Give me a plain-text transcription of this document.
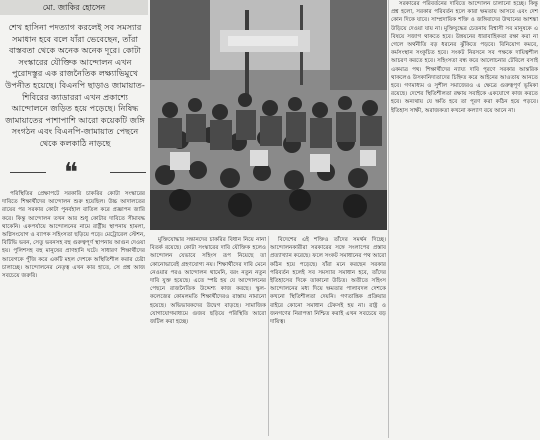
মো. জাকির হোসেন
শেখ হাসিনা পদত্যাগ করলেই সব সমস্যার সমাধান হবে বলে যাঁরা ভেবেছেন, তাঁরা বাস্তবতা থেকে অনেক অনেক দূরে। কোটা সংস্কারের যৌক্তিক আন্দোলন এখন পুরোদস্তুর এক রাজনৈতিক লক্ষ্যাভিমুখে উপনীত হয়েছে। বিএনপি ছাড়াও জামায়াত-শিবিরের ক্যাডাররা এখন প্রকাশ্যে আন্দোলনে জড়িত হয়ে পড়েছে। নিষিদ্ধ জামায়াতের পাশাপাশি আরো কয়েকটি জঙ্গি সংগঠন এবং বিএনপি-জামায়াত পেছনে থেকে কলকাঠি নাড়ছে
❝

পরিস্থিতির প্রেক্ষাপটে সরকারি চাকরির কোটা সংস্কারের দাবিতে শিক্ষার্থীদের আন্দোলন শুরু হয়েছিল। উচ্চ আদালতের রায়ের পর সরকার কোটা পুনর্বহাল বাতিল করে প্রজ্ঞাপন জারি করে। কিন্তু আন্দোলন তখন আর শুধু কোটার দাবিতে সীমাবদ্ধ থাকেনি। একপর্যায়ে আন্দোলনের নামে রাষ্ট্রীয় স্থাপনায় হামলা, অগ্নিসংযোগ ও ব্যাপক সহিংসতা ছড়িয়ে পড়ে। মেট্রোরেল স্টেশন, বিটিভি ভবন, সেতু ভবনসহ বহু গুরুত্বপূর্ণ স্থাপনায় আগুন দেওয়া হয়। পুলিশসহ বহু মানুষের প্রাণহানি ঘটে। সাধারণ শিক্ষার্থীদের আবেগকে পুঁজি করে একটি মহল দেশকে অস্থিতিশীল করার চেষ্টা চালাচ্ছে। আন্দোলনের নেতৃত্ব এখন কার হাতে, সে প্রশ্ন আজ সবচেয়ে জরুরি।

মুক্তিযোদ্ধার সন্তানদের চাকরির বিধান নিয়ে নানা বিতর্ক রয়েছে। কোটা সংস্কারের দাবি যৌক্তিক হলেও আন্দোলন যেভাবে সহিংস রূপ নিয়েছে তা কোনোভাবেই গ্রহণযোগ্য নয়। শিক্ষার্থীদের দাবি মেনে নেওয়ার পরও আন্দোলন থামেনি, বরং নতুন নতুন দাবি যুক্ত হয়েছে। এতে স্পষ্ট হয় যে আন্দোলনের পেছনে রাজনৈতিক উদ্দেশ্য কাজ করছে। স্কুল-কলেজের কোমলমতি শিক্ষার্থীদেরও রাস্তায় নামানো হয়েছে। অভিভাবকদের উদ্বেগ বাড়ছে। সামাজিক যোগাযোগমাধ্যমে গুজব ছড়িয়ে পরিস্থিতি আরো জটিল করা হচ্ছে।

বিদেশের এই শক্তিও তাঁদের সমর্থন দিচ্ছে। আন্দোলনকারীরা সরকারের সঙ্গে সংলাপের প্রস্তাব প্রত্যাখ্যান করেছে। ফলে সংকট সমাধানের পথ আরো কঠিন হয়ে পড়েছে। যাঁরা মনে করছেন সরকার পরিবর্তন হলেই সব সমস্যার সমাধান হবে, তাঁদের ইতিহাসের দিকে তাকানো উচিত। অতীতে সহিংস আন্দোলনের মধ্য দিয়ে ক্ষমতার পালাবদল দেশকে কখনো স্থিতিশীলতা দেয়নি। গণতান্ত্রিক প্রক্রিয়ার বাইরে কোনো সমাধান টেকসই হয় না। রাষ্ট্র ও জনগণের নিরাপত্তা নিশ্চিত করাই এখন সবচেয়ে বড় দায়িত্ব।

সরকারের পরিবর্তনের দাবিতে আন্দোলন চালানো হচ্ছে। কিন্তু প্রশ্ন হলো, সরকার পরিবর্তন হলে কারা ক্ষমতায় আসবে এবং দেশ কোন দিকে যাবে। সাম্প্রদায়িক শক্তি ও জঙ্গিবাদের উত্থানের আশঙ্কা উড়িয়ে দেওয়া যায় না। মুক্তিযুদ্ধের চেতনায় বিশ্বাসী সব মানুষকে এ বিষয়ে সজাগ থাকতে হবে। উন্নয়নের ধারাবাহিকতা রক্ষা করা না গেলে অর্থনীতি বড় ধরনের ঝুঁকিতে পড়বে। বিনিয়োগ কমবে, কর্মসংস্থান সংকুচিত হবে। সংকট নিরসনে সব পক্ষকে দায়িত্বশীল আচরণ করতে হবে। সহিংসতা বন্ধ করে আলোচনার টেবিলে বসাই একমাত্র পথ। শিক্ষার্থীদের ন্যায্য দাবি পূরণে সরকার আন্তরিক থাকলেও উসকানিদাতাদের চিহ্নিত করে আইনের আওতায় আনতে হবে। গণমাধ্যম ও সুশীল সমাজেরও এ ক্ষেত্রে গুরুত্বপূর্ণ ভূমিকা রয়েছে। দেশের স্থিতিশীলতা রক্ষায় সবাইকে একযোগে কাজ করতে হবে। অন্যথায় যে ক্ষতি হবে তা পূরণ করা কঠিন হয়ে পড়বে। ইতিহাস সাক্ষী, অরাজকতা কখনো কল্যাণ বয়ে আনে না।
